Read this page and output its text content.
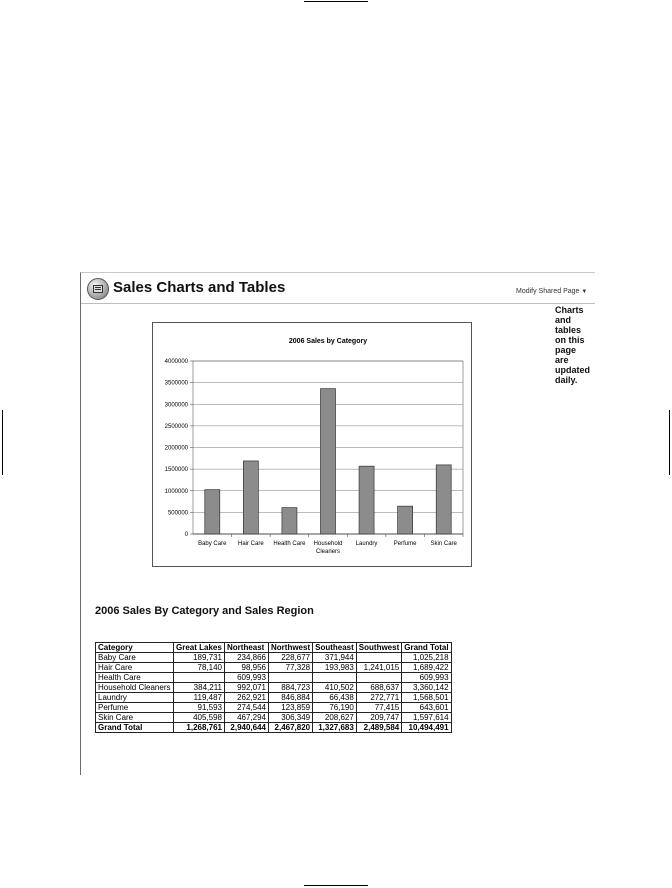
Sales Charts and Tables	Modify Shared Page ▼
Charts
and
tables
on this
page
are
updated
daily.
2006 Sales by Category
0
500000
1000000
1500000
2000000
2500000
3000000
3500000
4000000
Baby Care Hair Care Health Care Household
Cleaners
Laundry	Perfume Skin Care
2006 Sales By Category and Sales Region
Category	Great Lakes	Northeast	Northwest	Southeast	Southwest	Grand Total
Baby Care	189,731	234,866	228,677	371,944		1,025,218
Hair Care	78,140	98,956	77,328	193,983	1,241,015	1,689,422
Health Care		609,993				609,993
Household Cleaners	384,211	992,071	884,723	410,502	688,637	3,360,142
Laundry	119,487	262,921	846,884	66,438	272,771	1,568,501
Perfume	91,593	274,544	123,859	76,190	77,415	643,601
Skin Care	405,598	467,294	306,349	208,627	209,747	1,597,614
Grand Total	1,268,761	2,940,644	2,467,820	1,327,683	2,489,584	10,494,491
